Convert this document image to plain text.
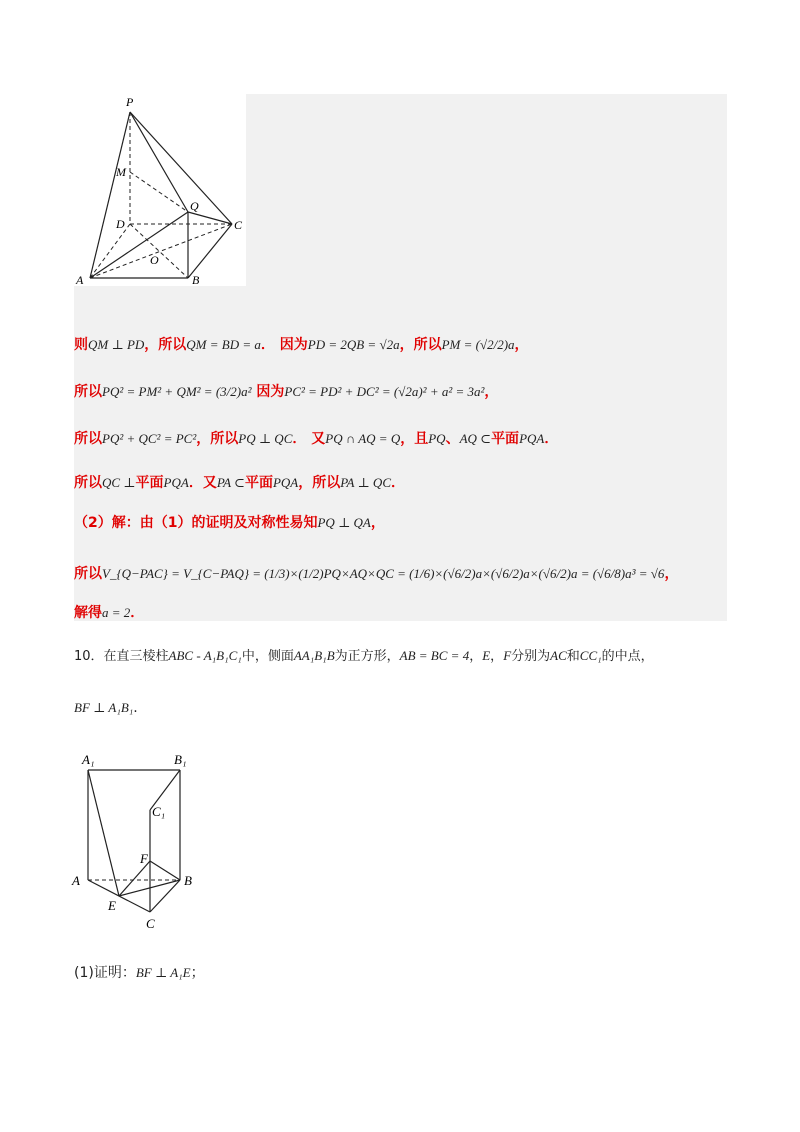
P
M
Q
D	C
O
A	B
则QM ⊥ PD，所以QM = BD = a． 因为PD = 2QB = √2a，所以PM = (√2/2)a，
所以PQ² = PM² + QM² = (3/2)a² 因为PC² = PD² + DC² = (√2a)² + a² = 3a²，
所以PQ² + QC² = PC²，所以PQ ⊥ QC． 又PQ ∩ AQ = Q，且PQ、AQ ⊂平面PQA．
所以QC ⊥平面PQA．又PA ⊂平面PQA，所以PA ⊥ QC．
（2）解：由（1）的证明及对称性易知PQ ⊥ QA，
所以V_{Q−PAC} = V_{C−PAQ} = (1/3)×(1/2)PQ×AQ×QC = (1/6)×(√6/2)a×(√6/2)a×(√6/2)a = (√6/8)a³ = √6，
解得a = 2．
10．在直三棱柱ABC - A₁B₁C₁中，侧面AA₁B₁B为正方形，AB = BC = 4，E，F分别为AC和CC₁的中点，
BF ⊥ A₁B₁.
A₁	B₁
C₁
F
A	B
E
C
(1)证明：BF ⊥ A₁E；
